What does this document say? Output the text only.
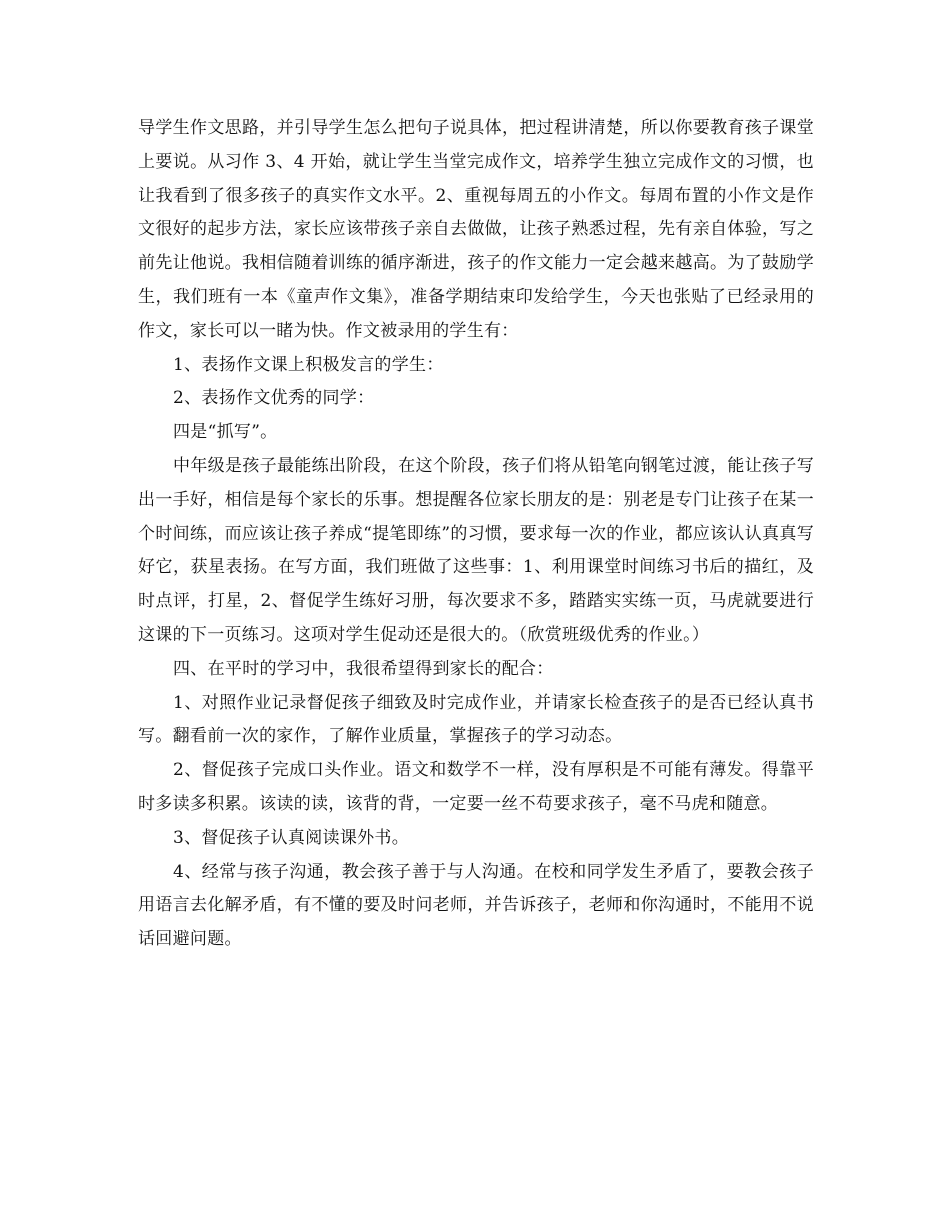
导学生作文思路，并引导学生怎么把句子说具体，把过程讲清楚，所以你要教育孩子课堂上要说。从习作 3、4 开始，就让学生当堂完成作文，培养学生独立完成作文的习惯，也让我看到了很多孩子的真实作文水平。2、重视每周五的小作文。每周布置的小作文是作文很好的起步方法，家长应该带孩子亲自去做做，让孩子熟悉过程，先有亲自体验，写之前先让他说。我相信随着训练的循序渐进，孩子的作文能力一定会越来越高。为了鼓励学生，我们班有一本《童声作文集》，准备学期结束印发给学生，今天也张贴了已经录用的作文，家长可以一睹为快。作文被录用的学生有：

1、表扬作文课上积极发言的学生：

2、表扬作文优秀的同学：

四是“抓写”。

中年级是孩子最能练出阶段，在这个阶段，孩子们将从铅笔向钢笔过渡，能让孩子写出一手好，相信是每个家长的乐事。想提醒各位家长朋友的是：别老是专门让孩子在某一个时间练，而应该让孩子养成“提笔即练”的习惯，要求每一次的作业，都应该认认真真写好它，获星表扬。在写方面，我们班做了这些事：1、利用课堂时间练习书后的描红，及时点评，打星，2、督促学生练好习册，每次要求不多，踏踏实实练一页，马虎就要进行这课的下一页练习。这项对学生促动还是很大的。（欣赏班级优秀的作业。）

四、在平时的学习中，我很希望得到家长的配合：

1、对照作业记录督促孩子细致及时完成作业，并请家长检查孩子的是否已经认真书写。翻看前一次的家作，了解作业质量，掌握孩子的学习动态。

2、督促孩子完成口头作业。语文和数学不一样，没有厚积是不可能有薄发。得靠平时多读多积累。该读的读，该背的背，一定要一丝不苟要求孩子，毫不马虎和随意。

3、督促孩子认真阅读课外书。

4、经常与孩子沟通，教会孩子善于与人沟通。在校和同学发生矛盾了，要教会孩子用语言去化解矛盾，有不懂的要及时问老师，并告诉孩子，老师和你沟通时，不能用不说话回避问题。
